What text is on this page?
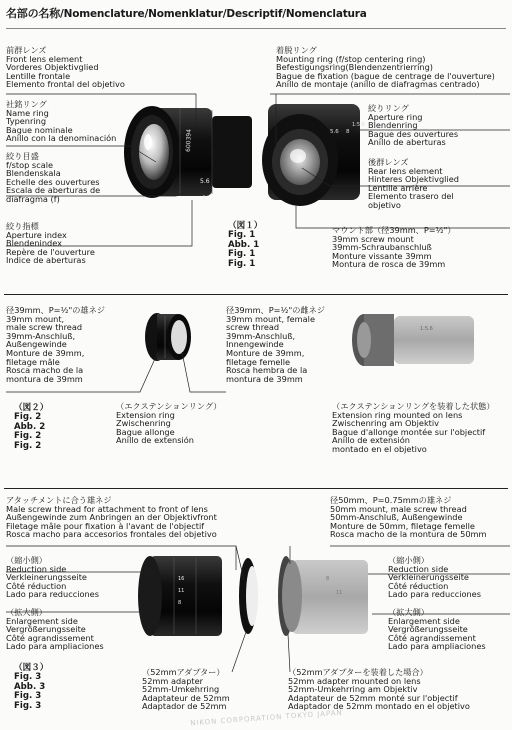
名部の名称/Nomenclature/Nomenklatur/Descriptif/Nomenclatura
600394
5.6
8
5.6 8
1:5.6
1:5.6
16
11
8
8
11
前群レンズ
Front lens element
Vorderes Objektivglied
Lentille frontale
Elemento frontal del objetivo
社銘リング
Name ring
Typenring
Bague nominale
Anillo con la denominación
絞り目盛
f/stop scale
Blendenskala
Echelle des ouvertures
Escala de aberturas de
diafragma (f)
絞り指標
Aperture index
Blendenindex
Repère de l'ouverture
Indice de aberturas
着脱リング
Mounting ring (f/stop centering ring)
Befestigungsring(Blendenzentrierring)
Bague de fixation (bague de centrage de l'ouverture)
Anillo de montaje (anillo de diafragmas centrado)
絞りリング
Aperture ring
Blendenring
Bague des ouvertures
Anillo de aberturas
後群レンズ
Rear lens element
Hinteres Objektivglied
Lentille arrière
Elemento trasero del
objetivo
マウント部（径39mm、P=½"）
39mm screw mount
39mm-Schraubanschluß
Monture vissante 39mm
Montura de rosca de 39mm
（図１）
Fig. 1
Abb. 1
Fig. 1
Fig. 1
径39mm、P=½"の雄ネジ
39mm mount,
male screw thread
39mm-Anschluß,
Außengewinde
Monture de 39mm,
filetage mâle
Rosca macho de la
montura de 39mm
径39mm、P=½"の雌ネジ
39mm mount, female
screw thread
39mm-Anschluß,
Innengewinde
Monture de 39mm,
filetage femelle
Rosca hembra de la
montura de 39mm
（エクステンションリング）
Extension ring
Zwischenring
Bague allonge
Anillo de extensión
（エクステンションリングを装着した状態）
Extension ring mounted on lens
Zwischenring am Objektiv
Bague d'allonge montée sur l'objectif
Anillo de extensión
montado en el objetivo
（図２）
Fig. 2
Abb. 2
Fig. 2
Fig. 2
アタッチメントに合う雄ネジ
Male screw thread for attachment to front of lens
Außengewinde zum Anbringen an der Objektivfront
Filetage mâle pour fixation à l'avant de l'objectif
Rosca macho para accesorios frontales del objetivo
径50mm、P=0.75mmの雄ネジ
50mm mount, male screw thread
50mm-Anschluß, Außengewinde
Monture de 50mm, filetage femelle
Rosca macho de la montura de 50mm
（縮小側）
Reduction side
Verkleinerungsseite
Côté réduction
Lado para reducciones
（拡大側）
Enlargement side
Vergrößerungsseite
Côté agrandissement
Lado para ampliaciones
（縮小側）
Reduction side
Verkleinerungsseite
Côté réduction
Lado para reducciones
（拡大側）
Enlargement side
Vergrößerungsseite
Côté agrandissement
Lado para ampliaciones
（図３）
Fig. 3
Abb. 3
Fig. 3
Fig. 3
（52mmアダプター）
52mm adapter
52mm-Umkehrring
Adaptateur de 52mm
Adaptador de 52mm
（52mmアダプターを装着した場合）
52mm adapter mounted on lens
52mm-Umkehrring am Objektiv
Adaptateur de 52mm monté sur l'objectif
Adaptador de 52mm montado en el objetivo
NIKON CORPORATION TOKYO JAPAN
